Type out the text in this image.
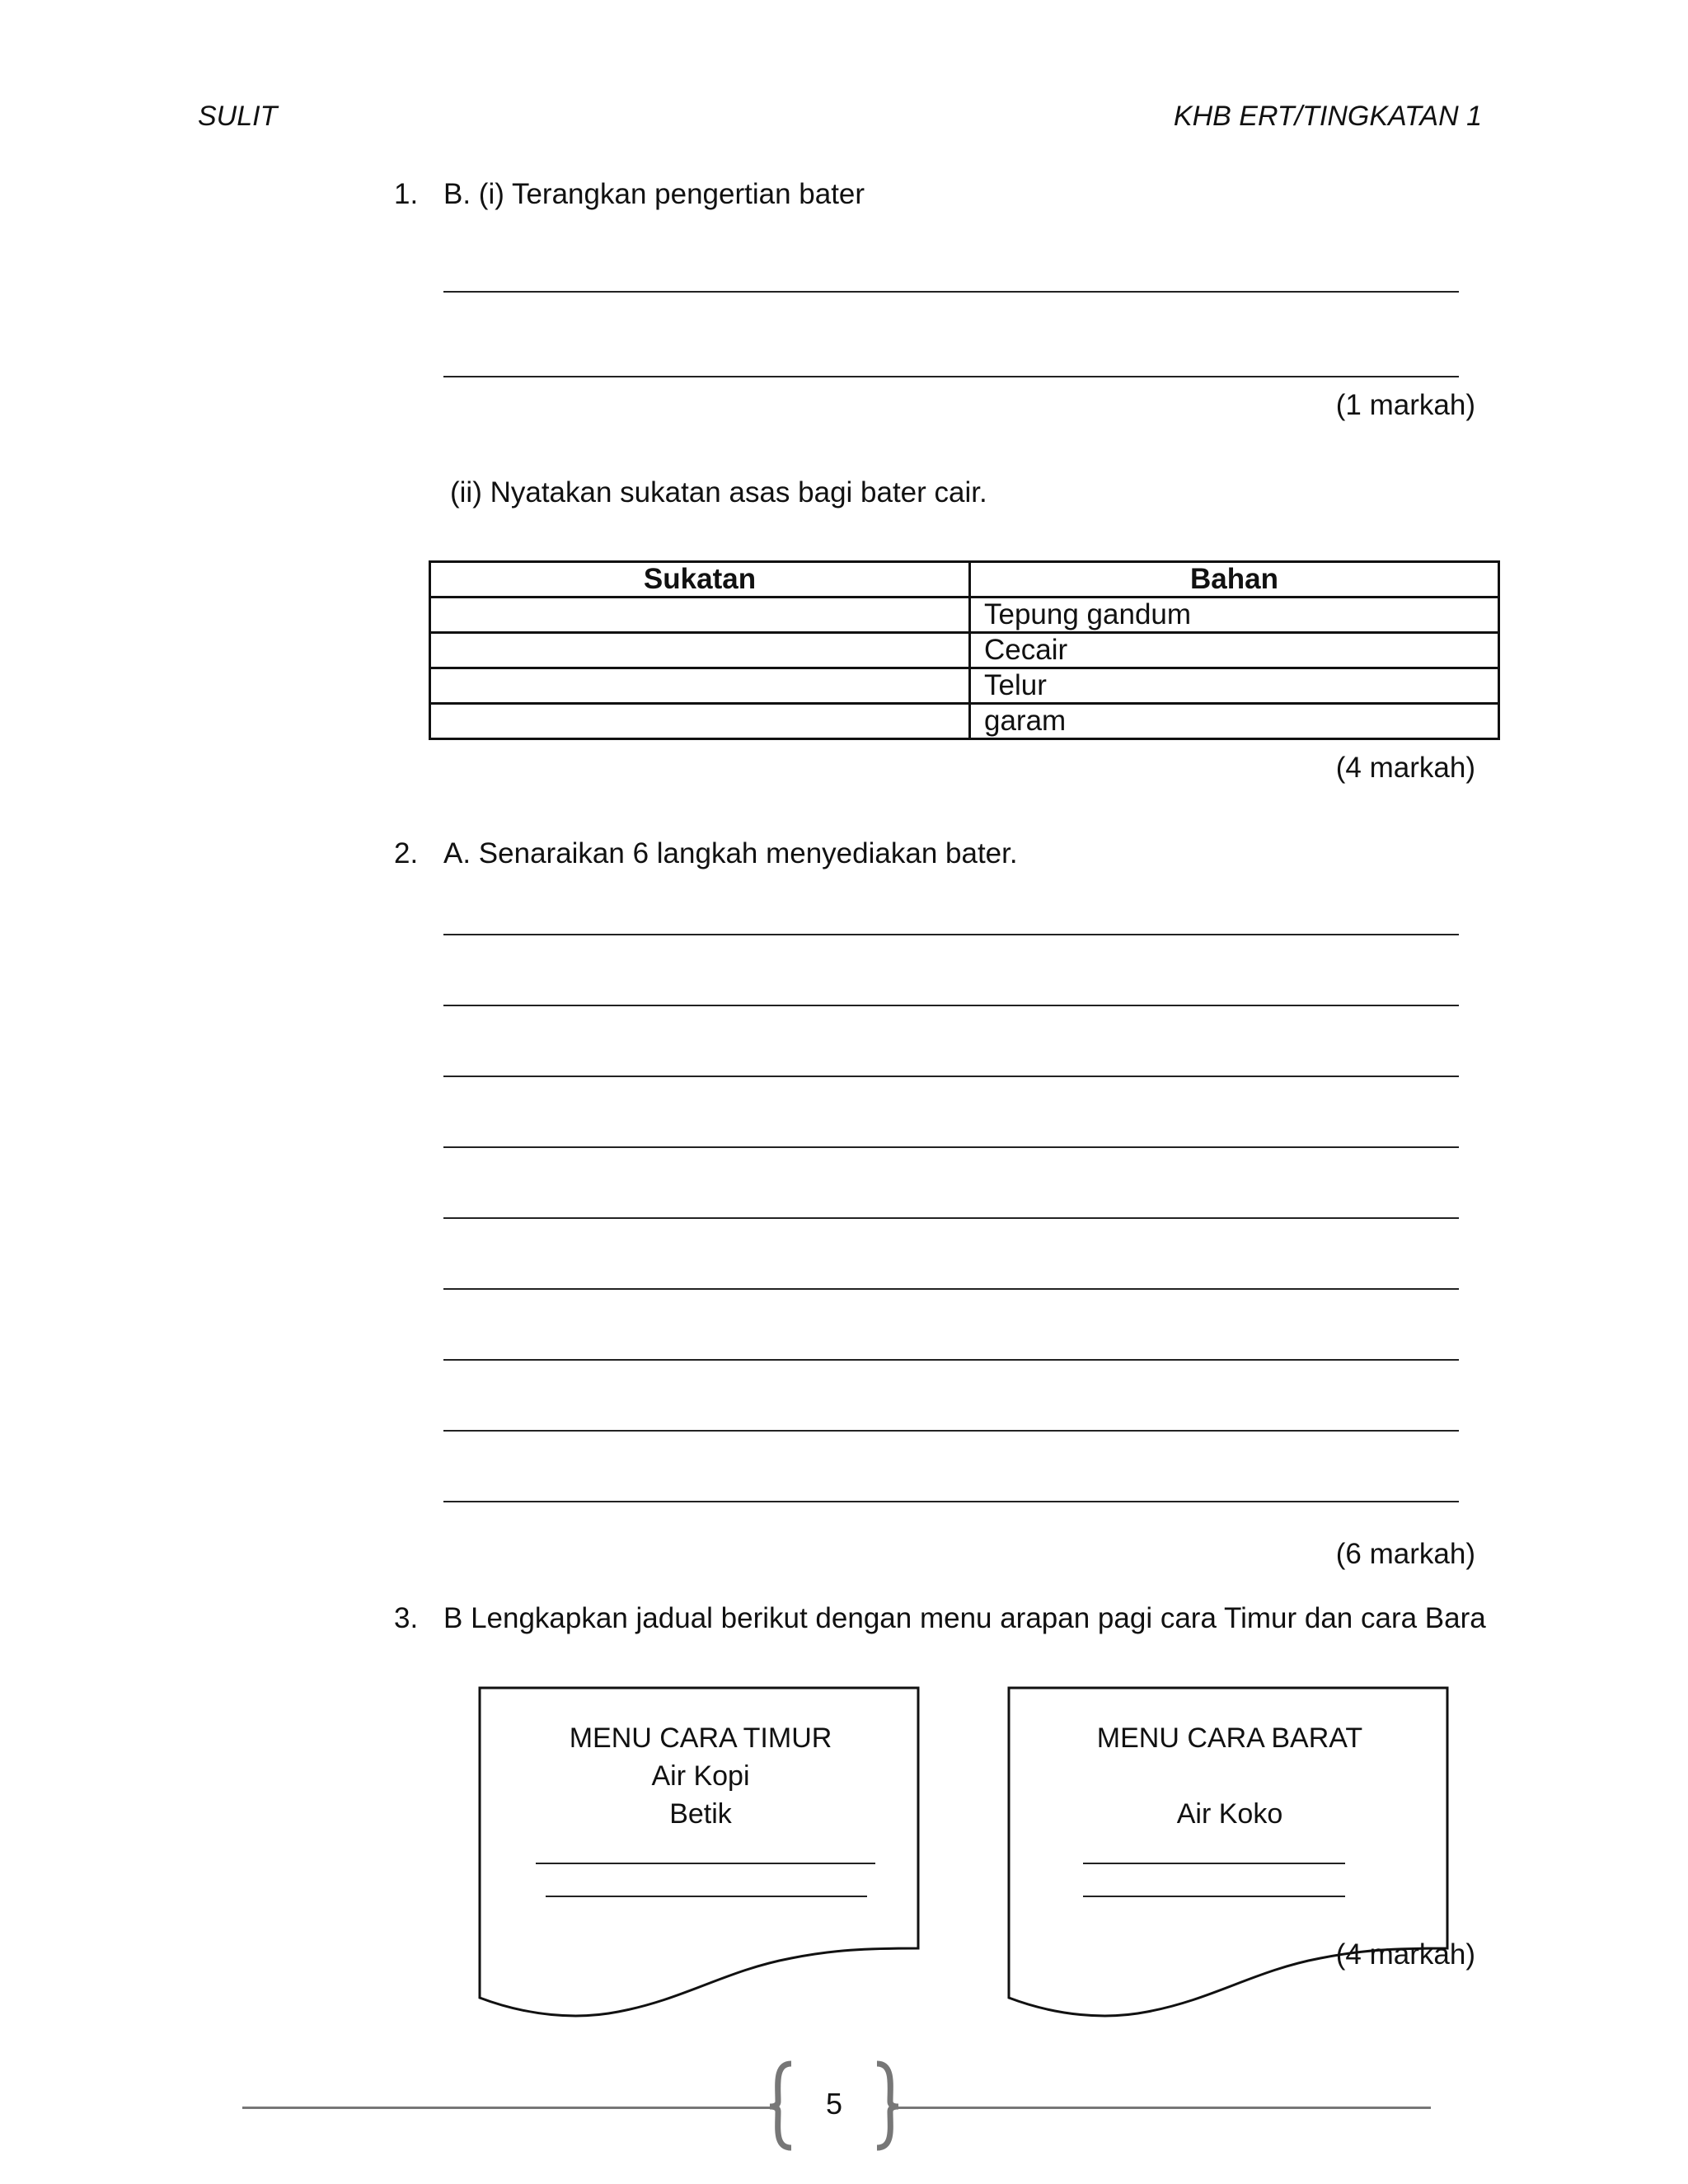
SULIT	KHB ERT/TINGKATAN 1
1. B. (i) Terangkan pengertian bater
(1 markah)
(ii) Nyatakan sukatan asas bagi bater cair.
Sukatan	Bahan
	Tepung gandum
	Cecair
	Telur
	garam
(4 markah)
2. A. Senaraikan 6 langkah menyediakan bater.
(6 markah)
3. B Lengkapkan jadual berikut dengan menu arapan pagi cara Timur dan cara Bara
MENU CARA TIMUR
Air Kopi
Betik
MENU CARA BARAT
Air Koko
(4 markah)
5
